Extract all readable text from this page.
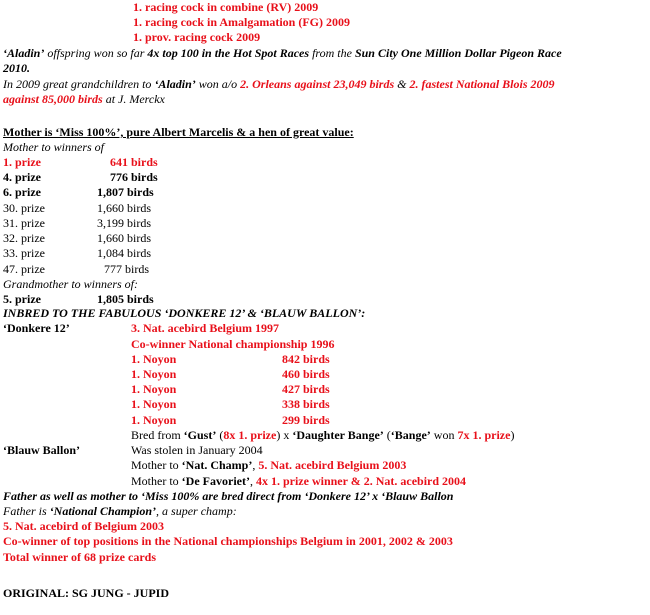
1. racing cock in combine (RV) 2009
1. racing cock in Amalgamation (FG) 2009
1. prov. racing cock 2009
‘Aladin’ offspring won so far 4x top 100 in the Hot Spot Races from the Sun City One Million Dollar Pigeon Race
2010.
In 2009 great grandchildren to ‘Aladin’ won a/o 2. Orleans against 23,049 birds & 2. fastest National Blois 2009
against 85,000 birds at J. Merckx
Mother is ‘Miss 100%’, pure Albert Marcelis & a hen of great value:
Mother to winners of
1. prize	641 birds
4. prize	776 birds
6. prize	1,807 birds
30. prize	1,660 birds
31. prize	3,199 birds
32. prize	1,660 birds
33. prize	1,084 birds
47. prize	777 birds
Grandmother to winners of:
5. prize	1,805 birds
INBRED TO THE FABULOUS ‘DONKERE 12’ & ‘BLAUW BALLON’:
‘Donkere 12’	3. Nat. acebird Belgium 1997
Co-winner National championship 1996
1. Noyon	842 birds
1. Noyon	460 birds
1. Noyon	427 birds
1. Noyon	338 birds
1. Noyon	299 birds
Bred from ‘Gust’ (8x 1. prize) x ‘Daughter Bange’ (‘Bange’ won 7x 1. prize)
‘Blauw Ballon’	Was stolen in January 2004
Mother to ‘Nat. Champ’, 5. Nat. acebird Belgium 2003
Mother to ‘De Favoriet’, 4x 1. prize winner & 2. Nat. acebird 2004
Father as well as mother to ‘Miss 100% are bred direct from ‘Donkere 12’ x ‘Blauw Ballon
Father is ‘National Champion’, a super champ:
5. Nat. acebird of Belgium 2003
Co-winner of top positions in the National championships Belgium in 2001, 2002 & 2003
Total winner of 68 prize cards
ORIGINAL: SG JUNG - JUPID
